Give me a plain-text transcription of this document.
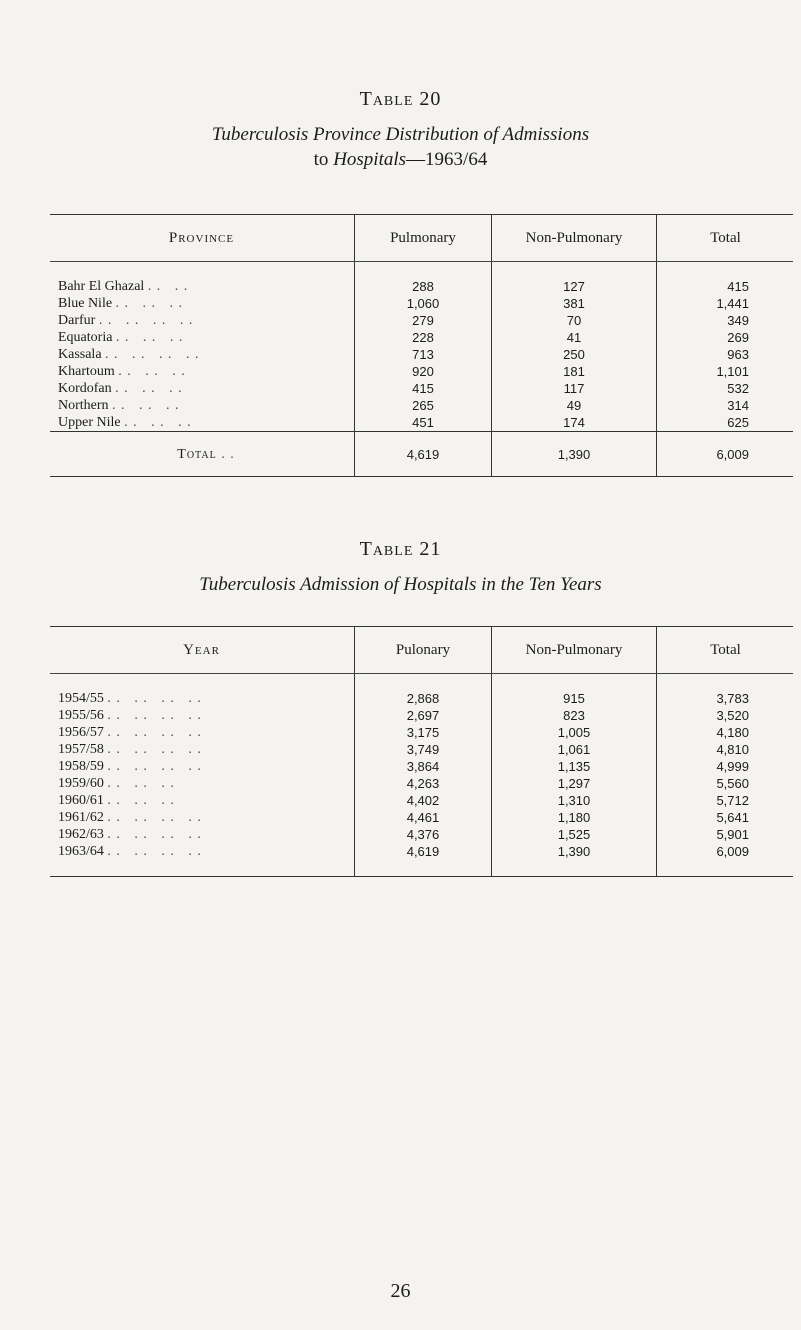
Table 20
Tuberculosis Province Distribution of Admissions
to Hospitals—1963/64
Province	Pulmonary	Non-Pulmonary	Total

Bahr El Ghazal . .   . .	288	127	415
Blue Nile . .   . .   . .	1,060	381	1,441
Darfur . .   . .   . .   . .	279	70	349
Equatoria . .   . .   . .	228	41	269
Kassala . .   . .   . .   . .	713	250	963
Khartoum . .   . .   . .	920	181	1,101
Kordofan . .   . .   . .	415	117	532
Northern . .   . .   . .	265	49	314
Upper Nile . .   . .   . .	451	174	625
Total . .	4,619	1,390	6,009
Table 21
Tuberculosis Admission of Hospitals in the Ten Years
Year	Pulonary	Non-Pulmonary	Total

1954/55 . .   . .   . .   . .	2,868	915	3,783
1955/56 . .   . .   . .   . .	2,697	823	3,520
1956/57 . .   . .   . .   . .	3,175	1,005	4,180
1957/58 . .   . .   . .   . .	3,749	1,061	4,810
1958/59 . .   . .   . .   . .	3,864	1,135	4,999
1959/60 . .   . .   . .	4,263	1,297	5,560
1960/61 . .   . .   . .	4,402	1,310	5,712
1961/62 . .   . .   . .   . .	4,461	1,180	5,641
1962/63 . .   . .   . .   . .	4,376	1,525	5,901
1963/64 . .   . .   . .   . .	4,619	1,390	6,009

26
